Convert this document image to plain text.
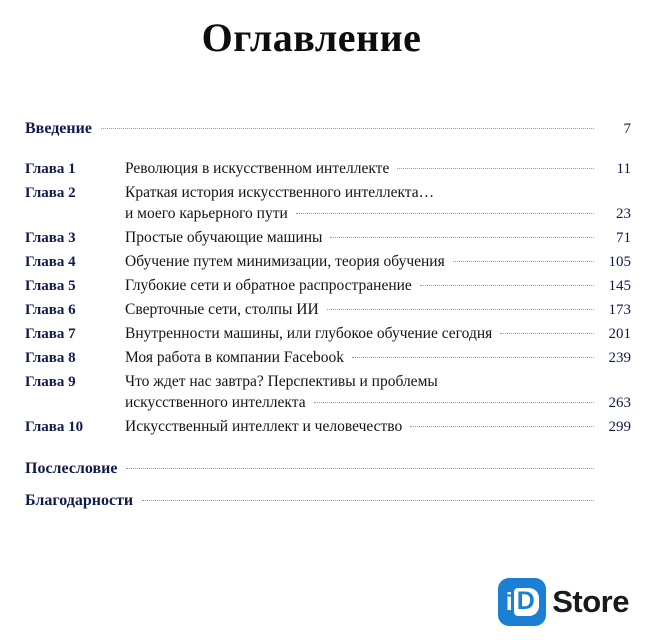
Оглавление
Введение	7
Глава 1	Революция в искусственном интеллекте	11
Глава 2	Краткая история искусственного интеллекта…
и моего карьерного пути	23
Глава 3	Простые обучающие машины	71
Глава 4	Обучение путем минимизации, теория обучения	105
Глава 5	Глубокие сети и обратное распространение	145
Глава 6	Сверточные сети, столпы ИИ	173
Глава 7	Внутренности машины, или глубокое обучение сегодня	201
Глава 8	Моя работа в компании Facebook	239
Глава 9	Что ждет нас завтра? Перспективы и проблемы
искусственного интеллекта	263
Глава 10	Искусственный интеллект и человечество	299
Послесловие
Благодарности
i D Store
